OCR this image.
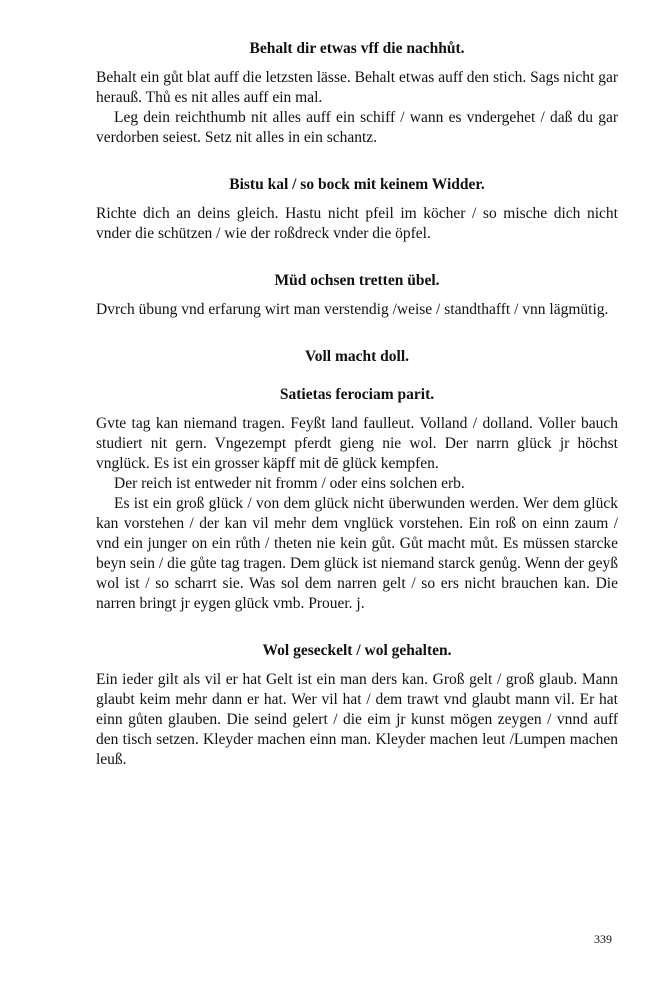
Behalt dir etwas vff die nachhůt.

Behalt ein gůt blat auff die letzsten lässe. Behalt etwas auff den stich. Sags nicht gar herauß. Thů es nit alles auff ein mal.

Leg dein reichthumb nit alles auff ein schiff / wann es vndergehet / daß du gar verdorben seiest. Setz nit alles in ein schantz.

Bistu kal / so bock mit keinem Widder.

Richte dich an deins gleich. Hastu nicht pfeil im köcher / so mische dich nicht vnder die schützen / wie der roßdreck vnder die öpfel.

Müd ochsen tretten übel.

Dvrch übung vnd erfarung wirt man verstendig /weise / standthafft / vnn lägmütig.

Voll macht doll.

Satietas ferociam parit.

Gvte tag kan niemand tragen. Feyßt land faulleut. Volland / dolland. Voller bauch studiert nit gern. Vngezempt pferdt gieng nie wol. Der narrn glück jr höchst vnglück. Es ist ein grosser käpff mit dē glück kempfen.

Der reich ist entweder nit fromm / oder eins solchen erb.

Es ist ein groß glück / von dem glück nicht überwunden werden. Wer dem glück kan vorstehen / der kan vil mehr dem vnglück vorstehen. Ein roß on einn zaum / vnd ein junger on ein růth / theten nie kein gůt. Gůt macht můt. Es müssen starcke beyn sein / die gůte tag tragen. Dem glück ist niemand starck genůg. Wenn der geyß wol ist / so scharrt sie. Was sol dem narren gelt / so ers nicht brauchen kan. Die narren bringt jr eygen glück vmb. Prouer. j.

Wol geseckelt / wol gehalten.

Ein ieder gilt als vil er hat Gelt ist ein man ders kan. Groß gelt / groß glaub. Mann glaubt keim mehr dann er hat. Wer vil hat / dem trawt vnd glaubt mann vil. Er hat einn gůten glauben. Die seind gelert / die eim jr kunst mögen zeygen / vnnd auff den tisch setzen. Kleyder machen einn man. Kleyder machen leut /Lumpen machen leuß.

339
